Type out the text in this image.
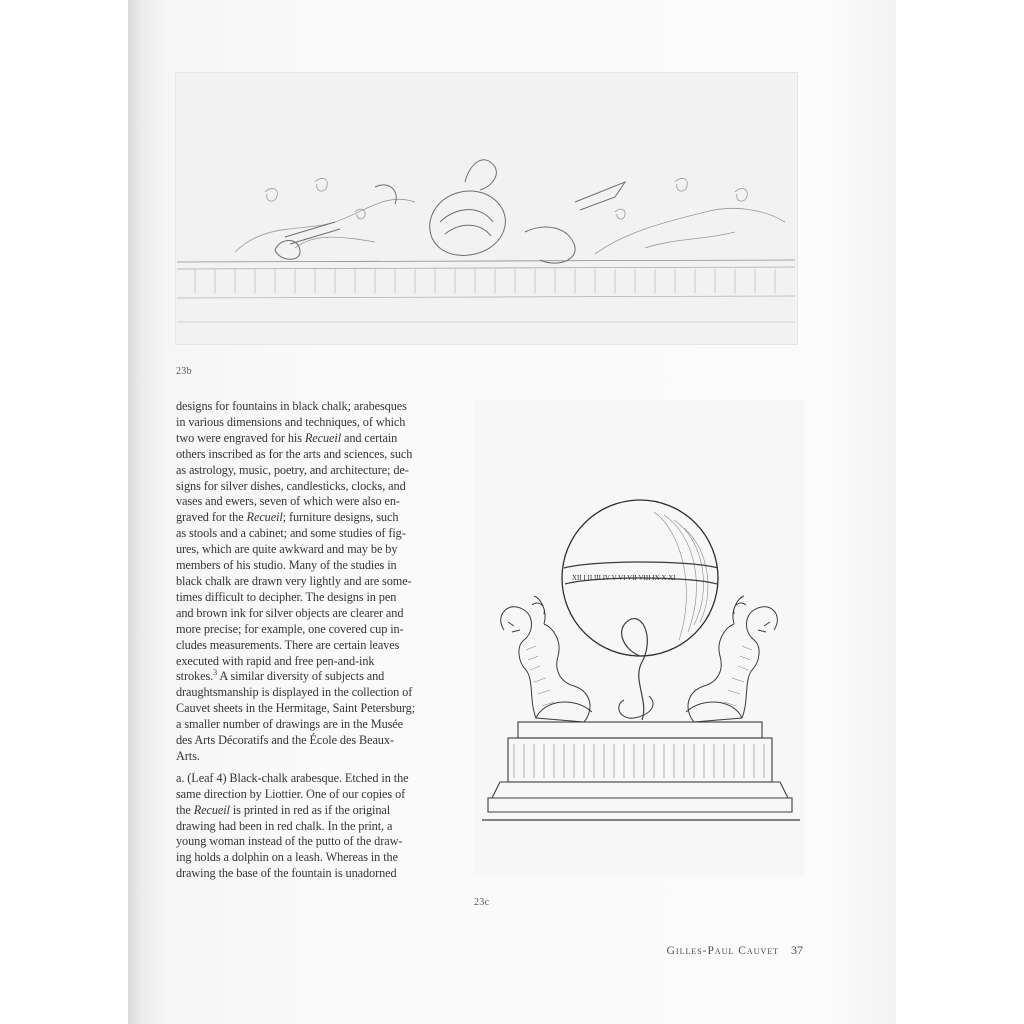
23b
designs for fountains in black chalk; arabesques
in various dimensions and techniques, of which
two were engraved for his Recueil and certain
others inscribed as for the arts and sciences, such
as astrology, music, poetry, and architecture; de-
signs for silver dishes, candlesticks, clocks, and
vases and ewers, seven of which were also en-
graved for the Recueil; furniture designs, such
as stools and a cabinet; and some studies of fig-
ures, which are quite awkward and may be by
members of his studio. Many of the studies in
black chalk are drawn very lightly and are some-
times difficult to decipher. The designs in pen
and brown ink for silver objects are clearer and
more precise; for example, one covered cup in-
cludes measurements. There are certain leaves
executed with rapid and free pen-and-ink
strokes.$^3$ A similar diversity of subjects and
draughtsmanship is displayed in the collection of
Cauvet sheets in the Hermitage, Saint Petersburg;
a smaller number of drawings are in the Musée
des Arts Décoratifs and the École des Beaux-
Arts.
a. (Leaf 4) Black-chalk arabesque. Etched in the
same direction by Liottier. One of our copies of
the Recueil is printed in red as if the original
drawing had been in red chalk. In the print, a
young woman instead of the putto of the draw-
ing holds a dolphin on a leash. Whereas in the
drawing the base of the fountain is unadorned
XII I II III IV V VI VII VIII IX X XI
23c
Gilles-Paul Cauvet 37
